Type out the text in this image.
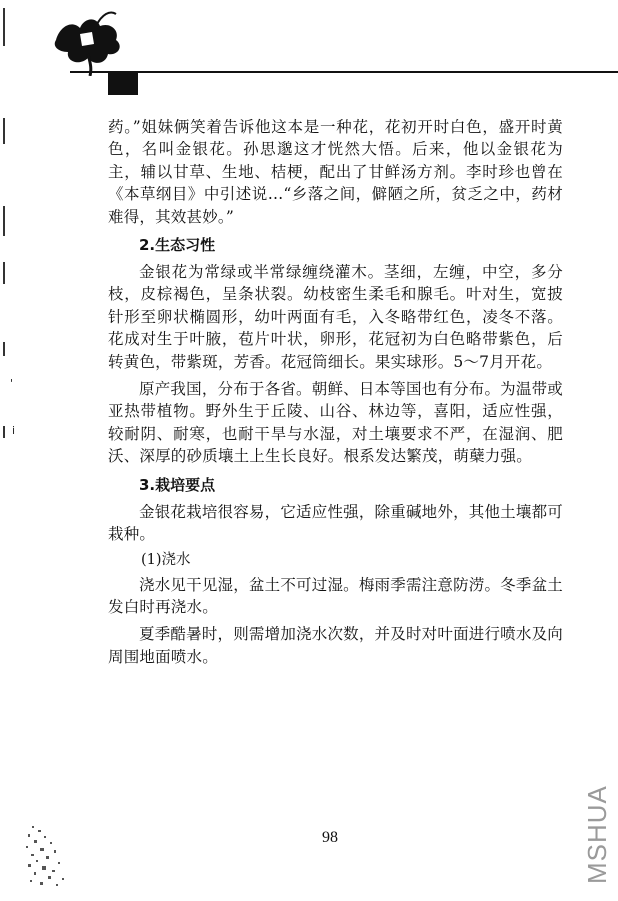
'
i

药。”姐妹俩笑着告诉他这本是一种花，花初开时白色，盛开时黄色，名叫金银花。孙思邈这才恍然大悟。后来，他以金银花为主，辅以甘草、生地、桔梗，配出了甘鲜汤方剂。李时珍也曾在《本草纲目》中引述说…“乡落之间，僻陋之所，贫乏之中，药材难得，其效甚妙。”

2.生态习性

金银花为常绿或半常绿缠绕灌木。茎细，左缠，中空，多分枝，皮棕褐色，呈条状裂。幼枝密生柔毛和腺毛。叶对生，宽披针形至卵状椭圆形，幼叶两面有毛，入冬略带红色，凌冬不落。花成对生于叶腋，苞片叶状，卵形，花冠初为白色略带紫色，后转黄色，带紫斑，芳香。花冠筒细长。果实球形。5～7月开花。

原产我国，分布于各省。朝鲜、日本等国也有分布。为温带或亚热带植物。野外生于丘陵、山谷、林边等，喜阳，适应性强，较耐阴、耐寒，也耐干旱与水湿，对土壤要求不严，在湿润、肥沃、深厚的砂质壤土上生长良好。根系发达繁茂，萌蘖力强。

3.栽培要点

金银花栽培很容易，它适应性强，除重碱地外，其他土壤都可栽种。

(1)浇水

浇水见干见湿，盆土不可过湿。梅雨季需注意防涝。冬季盆土发白时再浇水。

夏季酷暑时，则需增加浇水次数，并及时对叶面进行喷水及向周围地面喷水。

98	MSHUA
